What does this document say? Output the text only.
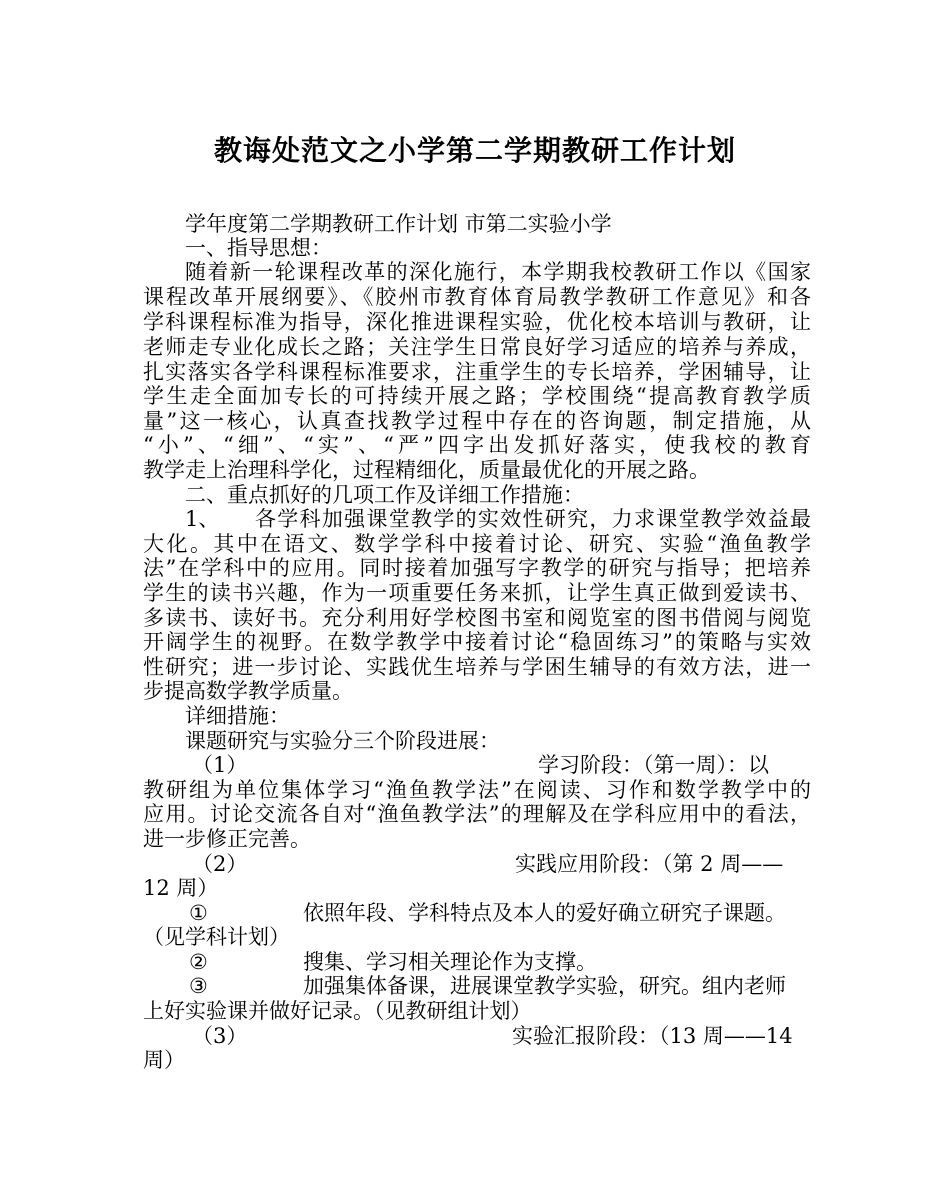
教诲处范文之小学第二学期教研工作计划
学年度第二学期教研工作计划 市第二实验小学
一、指导思想：
随着新一轮课程改革的深化施行，本学期我校教研工作以《国家
课程改革开展纲要》、《胶州市教育体育局教学教研工作意见》和各
学科课程标准为指导，深化推进课程实验，优化校本培训与教研，让
老师走专业化成长之路；关注学生日常良好学习适应的培养与养成，
扎实落实各学科课程标准要求，注重学生的专长培养，学困辅导，让
学生走全面加专长的可持续开展之路；学校围绕“提高教育教学质
量”这一核心，认真查找教学过程中存在的咨询题，制定措施，从
“小”、“细”、“实”、“严”四字出发抓好落实，使我校的教育
教学走上治理科学化，过程精细化，质量最优化的开展之路。
二、重点抓好的几项工作及详细工作措施：
1、 各学科加强课堂教学的实效性研究，力求课堂教学效益最
大化。其中在语文、数学学科中接着讨论、研究、实验“渔鱼教学
法”在学科中的应用。同时接着加强写字教学的研究与指导；把培养
学生的读书兴趣，作为一项重要任务来抓，让学生真正做到爱读书、
多读书、读好书。充分利用好学校图书室和阅览室的图书借阅与阅览
开阔学生的视野。在数学教学中接着讨论“稳固练习”的策略与实效
性研究；进一步讨论、实践优生培养与学困生辅导的有效方法，进一
步提高数学教学质量。
详细措施：
课题研究与实验分三个阶段进展：
（1）	学习阶段：（第一周）：以
教研组为单位集体学习“渔鱼教学法”在阅读、习作和数学教学中的
应用。讨论交流各自对“渔鱼教学法”的理解及在学科应用中的看法，
进一步修正完善。
（2）	实践应用阶段：（第 2 周——
12 周）
①	依照年段、学科特点及本人的爱好确立研究子课题。
（见学科计划）
②	搜集、学习相关理论作为支撑。
③	加强集体备课，进展课堂教学实验，研究。组内老师
上好实验课并做好记录。（见教研组计划）
（3）	实验汇报阶段：（13 周——14
周）
